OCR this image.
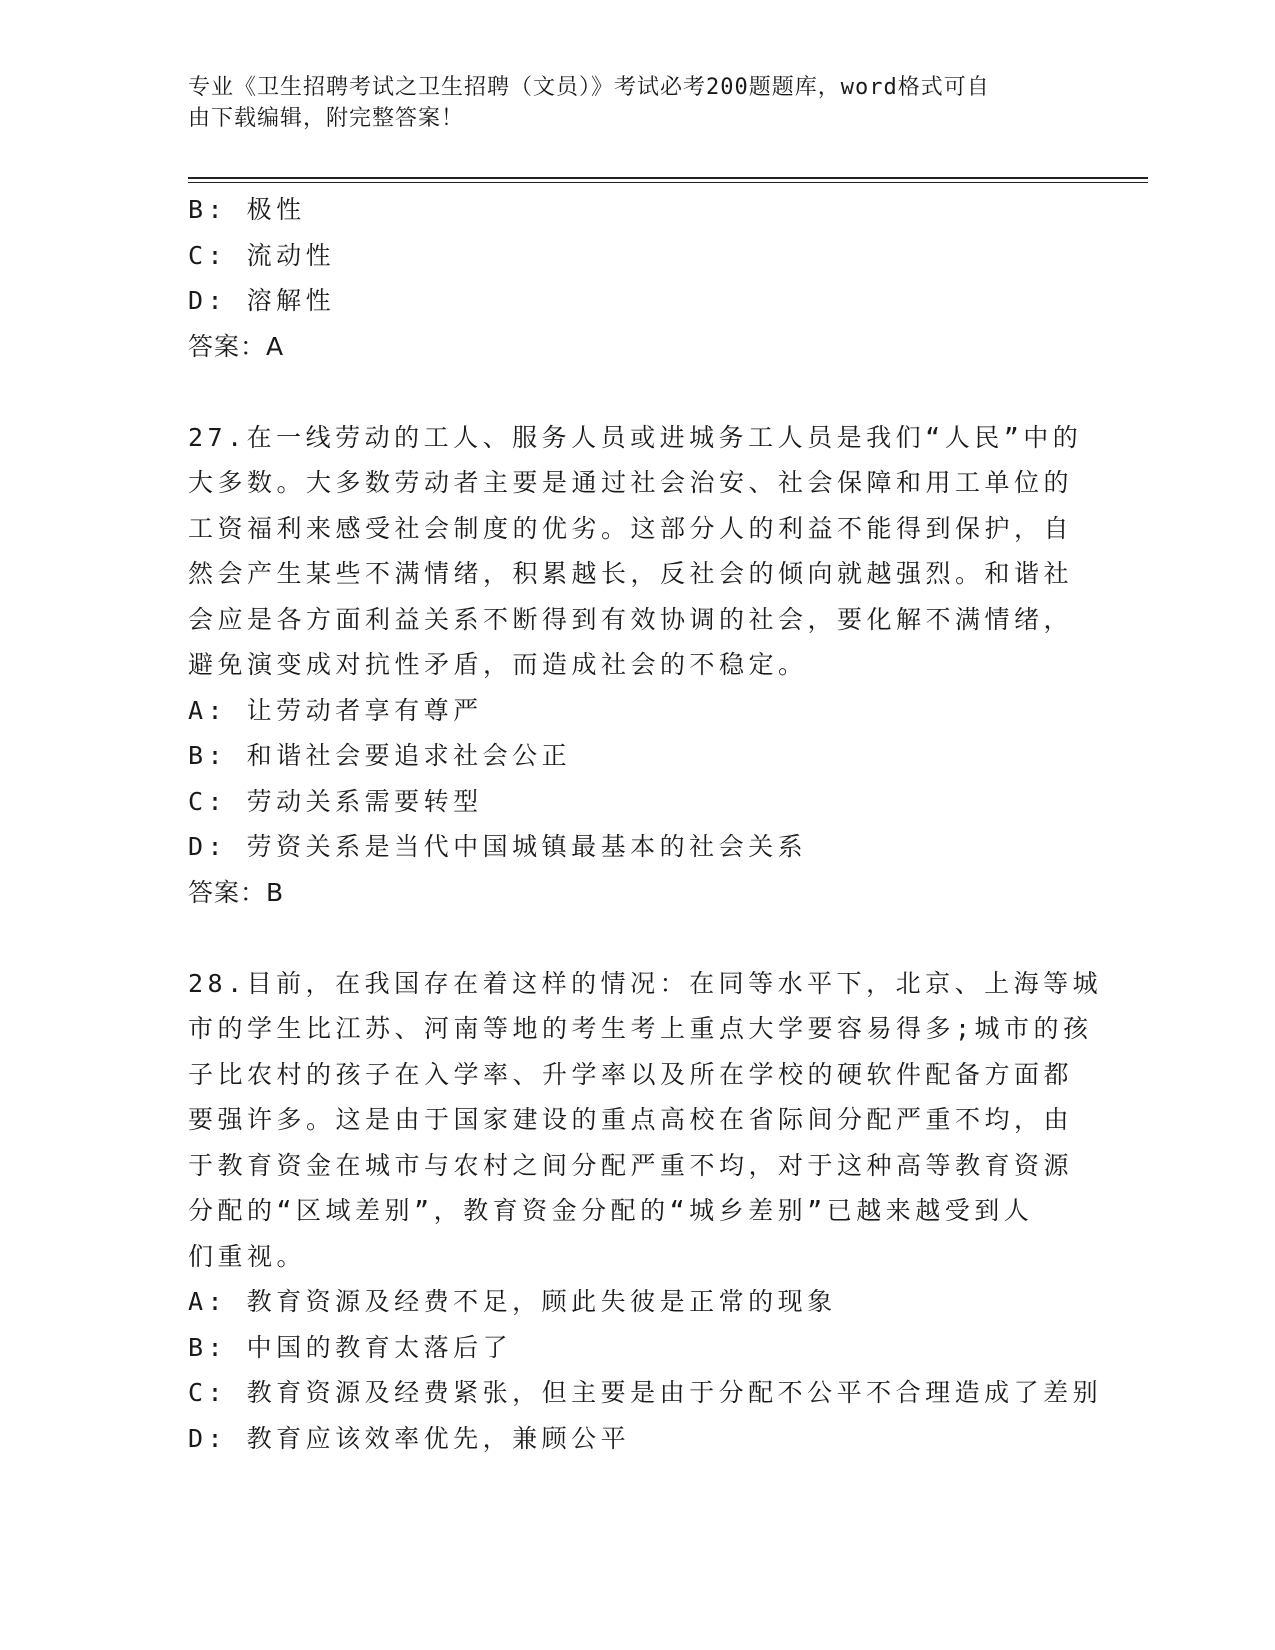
专业《卫生招聘考试之卫生招聘（文员）》考试必考200题题库，word格式可自
由下载编辑，附完整答案！
B: 极性
C: 流动性
D: 溶解性
答案：A
27.在一线劳动的工人、服务人员或进城务工人员是我们“人民”中的
大多数。大多数劳动者主要是通过社会治安、社会保障和用工单位的
工资福利来感受社会制度的优劣。这部分人的利益不能得到保护，自
然会产生某些不满情绪，积累越长，反社会的倾向就越强烈。和谐社
会应是各方面利益关系不断得到有效协调的社会，要化解不满情绪，
避免演变成对抗性矛盾，而造成社会的不稳定。
A: 让劳动者享有尊严
B: 和谐社会要追求社会公正
C: 劳动关系需要转型
D: 劳资关系是当代中国城镇最基本的社会关系
答案：B
28.目前，在我国存在着这样的情况：在同等水平下，北京、上海等城
市的学生比江苏、河南等地的考生考上重点大学要容易得多;城市的孩
子比农村的孩子在入学率、升学率以及所在学校的硬软件配备方面都
要强许多。这是由于国家建设的重点高校在省际间分配严重不均，由
于教育资金在城市与农村之间分配严重不均，对于这种高等教育资源
分配的“区域差别”，教育资金分配的“城乡差别”已越来越受到人
们重视。
A: 教育资源及经费不足，顾此失彼是正常的现象
B: 中国的教育太落后了
C: 教育资源及经费紧张，但主要是由于分配不公平不合理造成了差别
D: 教育应该效率优先，兼顾公平
